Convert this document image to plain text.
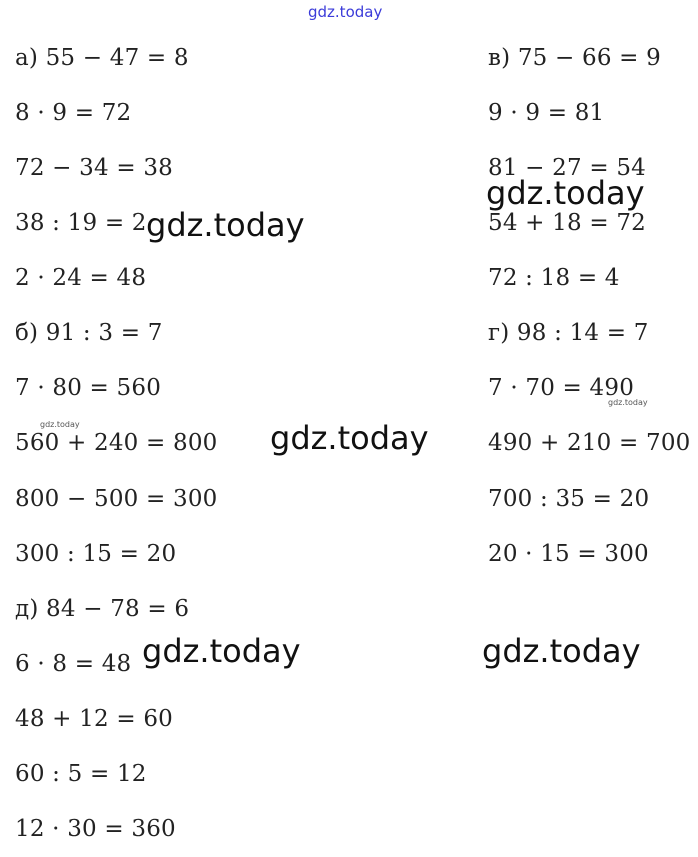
а) 55 − 47 = 8
8 · 9 = 72
72 − 34 = 38
38 : 19 = 2
2 · 24 = 48
б) 91 : 3 = 7
7 · 80 = 560
560 + 240 = 800
800 − 500 = 300
300 : 15 = 20
д) 84 − 78 = 6
6 · 8 = 48
48 + 12 = 60
60 : 5 = 12
12 · 30 = 360
в) 75 − 66 = 9
9 · 9 = 81
81 − 27 = 54
54 + 18 = 72
72 : 18 = 4
г) 98 : 14 = 7
7 · 70 = 490
490 + 210 = 700
700 : 35 = 20
20 · 15 = 300
gdz.today
gdz.today
gdz.today
gdz.today
gdz.today	gdz.today
gdz.today
gdz.today
